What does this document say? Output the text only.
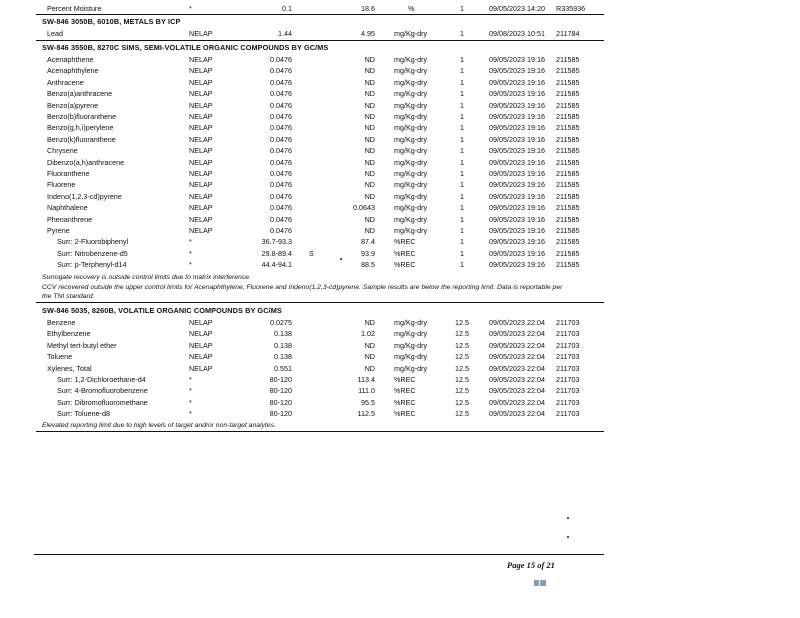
Percent Moisture	*	0.1	18.6	%	1	09/05/2023 14:20 R335936
SW-846 3050B, 6010B, METALS BY ICP
Lead	NELAP	1.44	4.95	mg/Kg-dry	1	09/08/2023 10:51 211784
SW-846 3550B, 8270C SIMS, SEMI-VOLATILE ORGANIC COMPOUNDS BY GC/MS
Acenaphthene	NELAP	0.0476	ND	mg/Kg-dry	1	09/05/2023 19:16 211585
Acenaphthylene	NELAP	0.0476	ND	mg/Kg-dry	1	09/05/2023 19:16 211585
Anthracene	NELAP	0.0476	ND	mg/Kg-dry	1	09/05/2023 19:16 211585
Benzo(a)anthracene	NELAP	0.0476	ND	mg/Kg-dry	1	09/05/2023 19:16 211585
Benzo(a)pyrene	NELAP	0.0476	ND	mg/Kg-dry	1	09/05/2023 19:16 211585
Benzo(b)fluoranthene	NELAP	0.0476	ND	mg/Kg-dry	1	09/05/2023 19:16 211585
Benzo(g,h,i)perylene	NELAP	0.0476	ND	mg/Kg-dry	1	09/05/2023 19:16 211585
Benzo(k)fluoranthene	NELAP	0.0476	ND	mg/Kg-dry	1	09/05/2023 19:16 211585
Chrysene	NELAP	0.0476	ND	mg/Kg-dry	1	09/05/2023 19:16 211585
Dibenzo(a,h)anthracene	NELAP	0.0476	ND	mg/Kg-dry	1	09/05/2023 19:16 211585
Fluoranthene	NELAP	0.0476	ND	mg/Kg-dry	1	09/05/2023 19:16 211585
Fluorene	NELAP	0.0476	ND	mg/Kg-dry	1	09/05/2023 19:16 211585
Indeno(1,2,3-cd)pyrene	NELAP	0.0476	ND	mg/Kg-dry	1	09/05/2023 19:16 211585
Naphthalene	NELAP	0.0476	0.0643	mg/Kg-dry	1	09/05/2023 19:16 211585
Phenanthrene	NELAP	0.0476	ND	mg/Kg-dry	1	09/05/2023 19:16 211585
Pyrene	NELAP	0.0476	ND	mg/Kg-dry	1	09/05/2023 19:16 211585
Surr: 2-Fluorobiphenyl	*	36.7-93.3	87.4	%REC	1	09/05/2023 19:16 211585
Surr: Nitrobenzene-d5	*	29.8-89.4 S	93.9	%REC	1	09/05/2023 19:16 211585
Surr: p-Terphenyl-d14	*	44.4-94.1	88.5	%REC	1	09/05/2023 19:16 211585
Surrogate recovery is outside control limits due to matrix interference.
CCV recovered outside the upper control limits for Acenaphthylene, Fluorene and Indeno(1,2,3-cd)pyrene. Sample results are below the reporting limit. Data is reportable per the TNI standard.
SW-846 5035, 8260B, VOLATILE ORGANIC COMPOUNDS BY GC/MS
Benzene	NELAP	0.0275	ND	mg/Kg-dry	12.5	09/05/2023 22:04 211703
Ethylbenzene	NELAP	0.138	1.02	mg/Kg-dry	12.5	09/05/2023 22:04 211703
Methyl tert-butyl ether	NELAP	0.138	ND	mg/Kg-dry	12.5	09/05/2023 22:04 211703
Toluene	NELAP	0.138	ND	mg/Kg-dry	12.5	09/05/2023 22:04 211703
Xylenes, Total	NELAP	0.551	ND	mg/Kg-dry	12.5	09/05/2023 22:04 211703
Surr: 1,2-Dichloroethane-d4	*	80-120	113.4	%REC	12.5	09/05/2023 22:04 211703
Surr: 4-Bromofluorobenzene	*	80-120	111.0	%REC	12.5	09/05/2023 22:04 211703
Surr: Dibromofluoromethane	*	80-120	95.5	%REC	12.5	09/05/2023 22:04 211703
Surr: Toluene-d8	*	80-120	112.5	%REC	12.5	09/05/2023 22:04 211703
Elevated reporting limit due to high levels of target and/or non-target analytes.
Page 15 of 21
